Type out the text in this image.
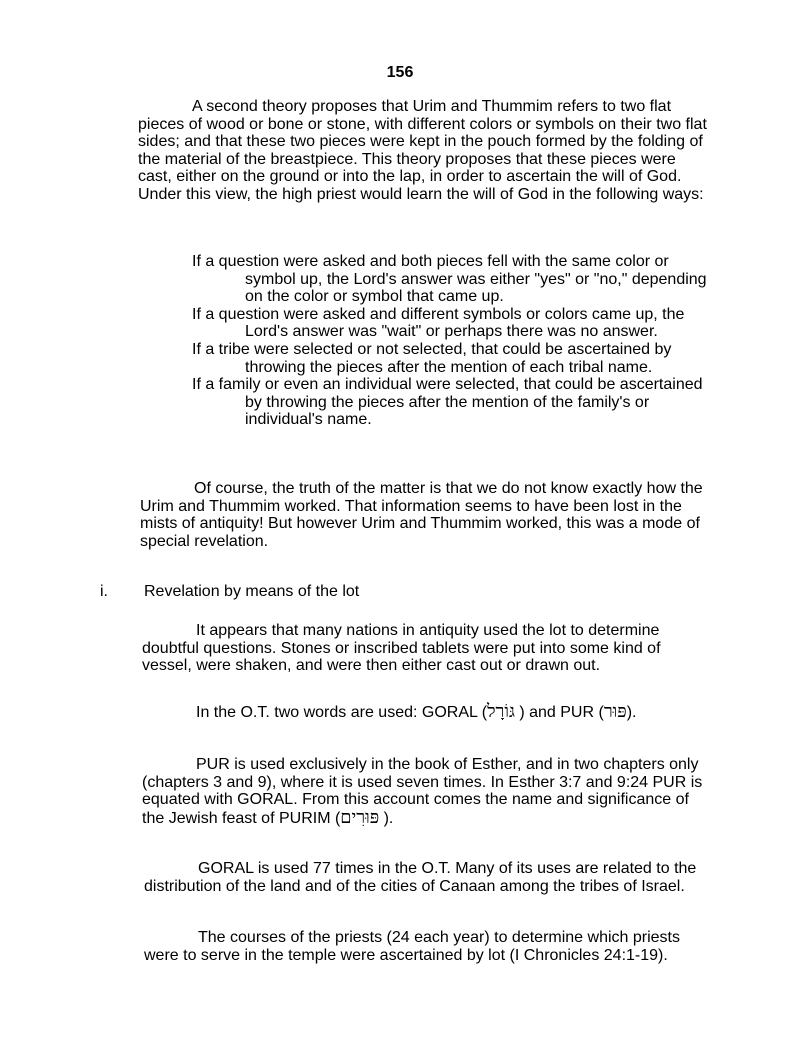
156

A second theory proposes that Urim and Thummim refers to two flat pieces of wood or bone or stone, with different colors or symbols on their two flat sides; and that these two pieces were kept in the pouch formed by the folding of the material of the breastpiece. This theory proposes that these pieces were cast, either on the ground or into the lap, in order to ascertain the will of God. Under this view, the high priest would learn the will of God in the following ways:

If a question were asked and both pieces fell with the same color or symbol up, the Lord's answer was either "yes" or "no," depending on the color or symbol that came up.
If a question were asked and different symbols or colors came up, the Lord's answer was "wait" or perhaps there was no answer.
If a tribe were selected or not selected, that could be ascertained by throwing the pieces after the mention of each tribal name.
If a family or even an individual were selected, that could be ascertained by throwing the pieces after the mention of the family's or individual's name.

Of course, the truth of the matter is that we do not know exactly how the Urim and Thummim worked. That information seems to have been lost in the mists of antiquity! But however Urim and Thummim worked, this was a mode of special revelation.

i. Revelation by means of the lot

It appears that many nations in antiquity used the lot to determine doubtful questions. Stones or inscribed tablets were put into some kind of vessel, were shaken, and were then either cast out or drawn out.

In the O.T. two words are used: GORAL (גּוֹרָל ) and PUR (פּוּר).

PUR is used exclusively in the book of Esther, and in two chapters only (chapters 3 and 9), where it is used seven times. In Esther 3:7 and 9:24 PUR is equated with GORAL. From this account comes the name and significance of the Jewish feast of PURIM (פּוּרִים ).

GORAL is used 77 times in the O.T. Many of its uses are related to the distribution of the land and of the cities of Canaan among the tribes of Israel.

The courses of the priests (24 each year) to determine which priests were to serve in the temple were ascertained by lot (I Chronicles 24:1-19).
